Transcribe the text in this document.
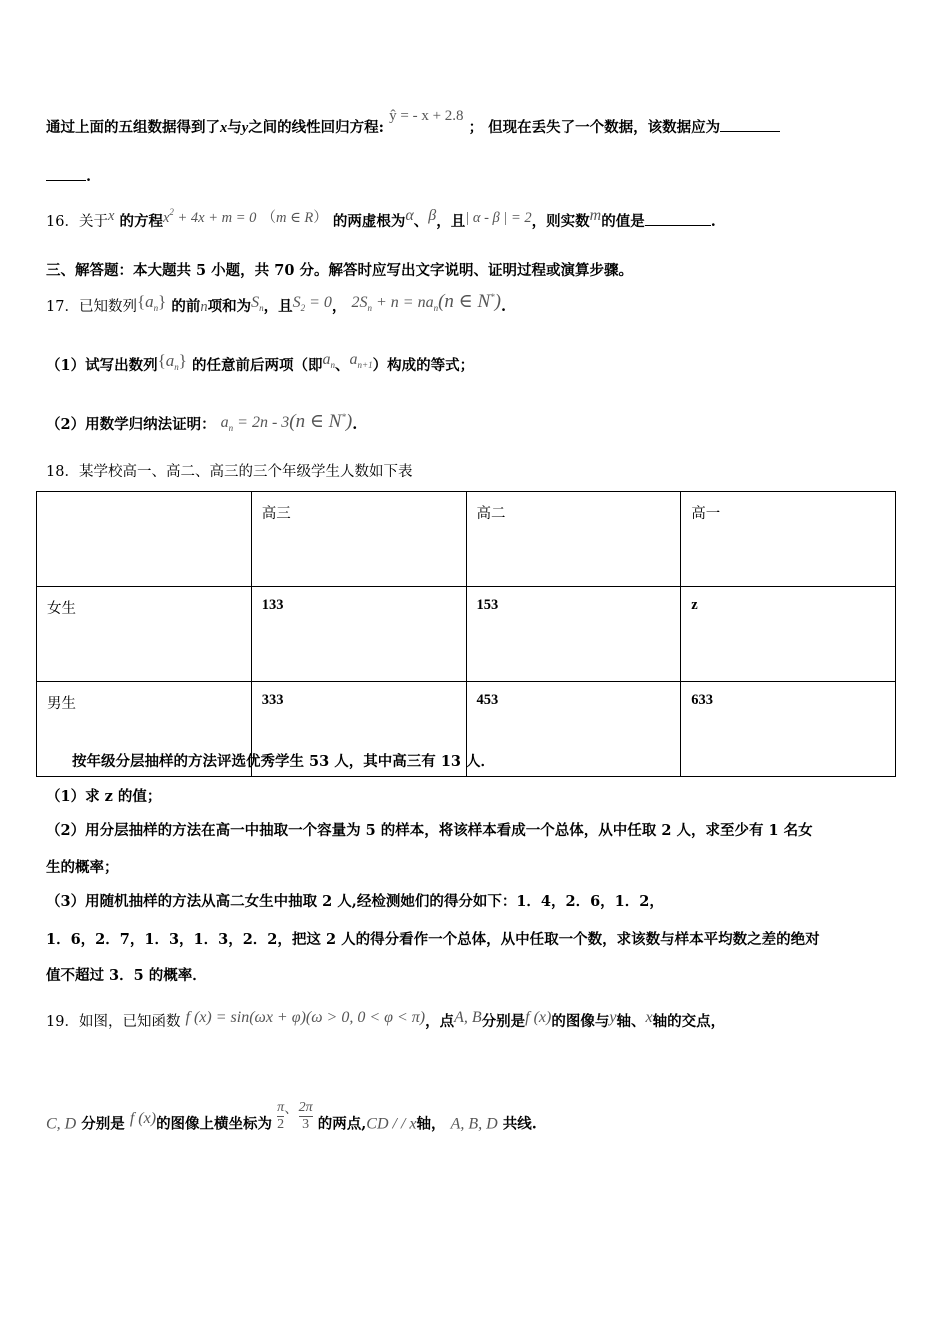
通过上面的五组数据得到了x与y之间的线性回归方程: ŷ = - x + 2.8 ； 但现在丢失了一个数据，该数据应为
.
16．关于x 的方程$x^2 + 4x + m = 0$ （m ∈ R） 的两虚根为α、β，且| α - β | = 2，则实数m的值是	.
三、解答题：本大题共 5 小题，共 70 分。解答时应写出文字说明、证明过程或演算步骤。
17．已知数列$\{a_n\}$ 的前n项和为$S_n$，且$S_2 = 0$， $2S_n + n = na_n(n$ ∈ N*).
（1）试写出数列$\{a_n\}$ 的任意前后两项（即$a_n$、$a_{n+1}$）构成的等式；
（2）用数学归纳法证明： $a_n = 2n - 3(n$ ∈ N*).
18．某学校高一、高二、高三的三个年级学生人数如下表
	高三	高二	高一
女生	133	153	z
男生	333	453	633
按年级分层抽样的方法评选优秀学生 53 人，其中高三有 13 人．
（1）求 z 的值；
（2）用分层抽样的方法在高一中抽取一个容量为 5 的样本，将该样本看成一个总体，从中任取 2 人，求至少有 1 名女
生的概率；
（3）用随机抽样的方法从高二女生中抽取 2 人,经检测她们的得分如下：1．4，2．6，1．2，
1．6，2．7，1．3，1．3，2．2，把这 2 人的得分看作一个总体，从中任取一个数，求该数与样本平均数之差的绝对
值不超过 3．5 的概率．
19．如图，已知函数 f (x) = sin(ωx + φ)(ω > 0, 0 < φ < π)，点A, B分别是f (x)的图像与y轴、x轴的交点，
C, D 分别是 f (x)的图像上横坐标为 $\frac{\pi}{2}$ 、 $\frac{2\pi}{3}$ 的两点,CD / / x轴， A, B, D 共线.
